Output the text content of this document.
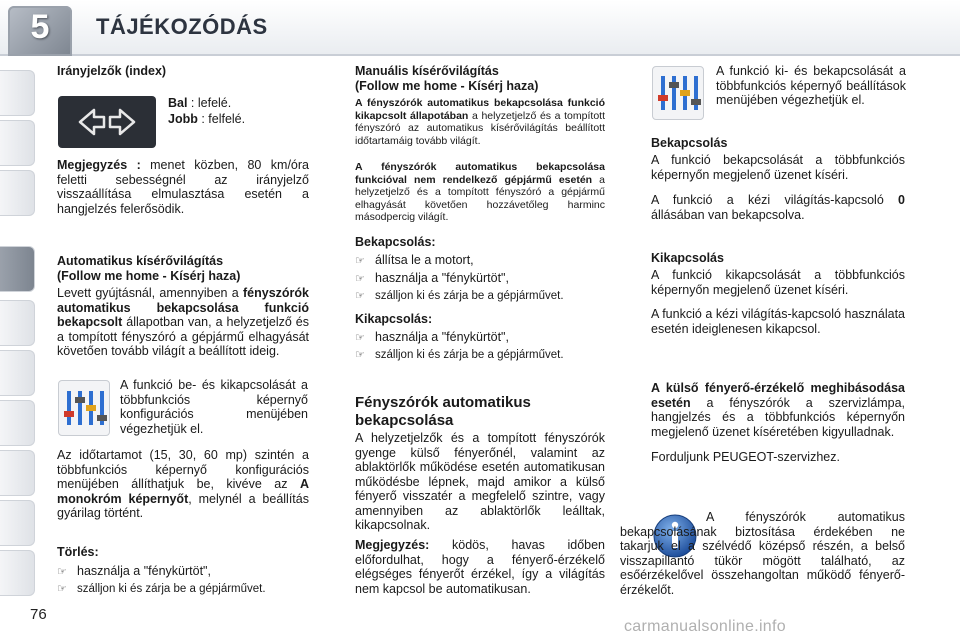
5	TÁJÉKOZÓDÁS
Irányjelzők (index)
Bal : lefelé.
Jobb : felfelé.
Megjegyzés : menet közben, 80 km/óra feletti sebességnél az irányjelző visszaállítása elmulasztása esetén a hangjelzés felerősödik.
Automatikus kísérővilágítás
(Follow me home - Kísérj haza)
Levett gyújtásnál, amennyiben a fényszórók automatikus bekapcsolása funkció bekapcsolt állapotban van, a helyzetjelző és a tompított fényszóró a gépjármű elhagyását követően tovább világít a beállított ideig.
A funkció be- és kikapcsolását a többfunkciós képernyő konfigurációs menüjében végezhetjük el.
Az időtartamot (15, 30, 60 mp) szintén a többfunkciós képernyő konfigurációs menüjében állíthatjuk be, kivéve az A monokróm képernyőt, melynél a beállítás gyárilag történt.
Törlés:
☞ használja a "fénykürtöt",
☞ szálljon ki és zárja be a gépjárművet.
Manuális kísérővilágítás
(Follow me home - Kísérj haza)
A fényszórók automatikus bekapcsolása funkció kikapcsolt állapotában a helyzetjelző és a tompított fényszóró az automatikus kísérővilágítás beállított időtartamáig tovább világít.
A fényszórók automatikus bekapcsolása funkcióval nem rendelkező gépjármű esetén a helyzetjelző és a tompított fényszóró a gépjármű elhagyását követően hozzávetőleg harminc másodpercig világít.
Bekapcsolás:
☞ állítsa le a motort,
☞ használja a "fénykürtöt",
☞ szálljon ki és zárja be a gépjárművet.
Kikapcsolás:
☞ használja a "fénykürtöt",
☞ szálljon ki és zárja be a gépjárművet.
Fényszórók automatikus
bekapcsolása
A helyzetjelzők és a tompított fényszórók gyenge külső fényerőnél, valamint az ablaktörlők működése esetén automatikusan működésbe lépnek, majd amikor a külső fényerő visszatér a megfelelő szintre, vagy amennyiben az ablaktörlők leálltak, kikapcsolnak.
Megjegyzés: ködös, havas időben előfordulhat, hogy a fényerő-érzékelő elégséges fényerőt érzékel, így a világítás nem kapcsol be automatikusan.
A funkció ki- és bekapcsolását a többfunkciós képernyő beállítások menüjében végezhetjük el.
Bekapcsolás
A funkció bekapcsolását a többfunkciós képernyőn megjelenő üzenet kíséri.
A funkció a kézi világítás-kapcsoló 0 állásában van bekapcsolva.
Kikapcsolás
A funkció kikapcsolását a többfunkciós képernyőn megjelenő üzenet kíséri.
A funkció a kézi világítás-kapcsoló használata esetén ideiglenesen kikapcsol.
A külső fényerő-érzékelő meghibásodása esetén a fényszórók a szervizlámpa, hangjelzés és a többfunkciós képernyőn megjelenő üzenet kíséretében kigyulladnak.
Forduljunk PEUGEOT-szervizhez.
A fényszórók automatikus bekapcsolásának biztosítása érdekében ne takarjuk el a szélvédő középső részén, a belső visszapillantó tükör mögött található, az esőérzékelővel összehangoltan működő fényerő-érzékelőt.
76
carmanualsonline.info
